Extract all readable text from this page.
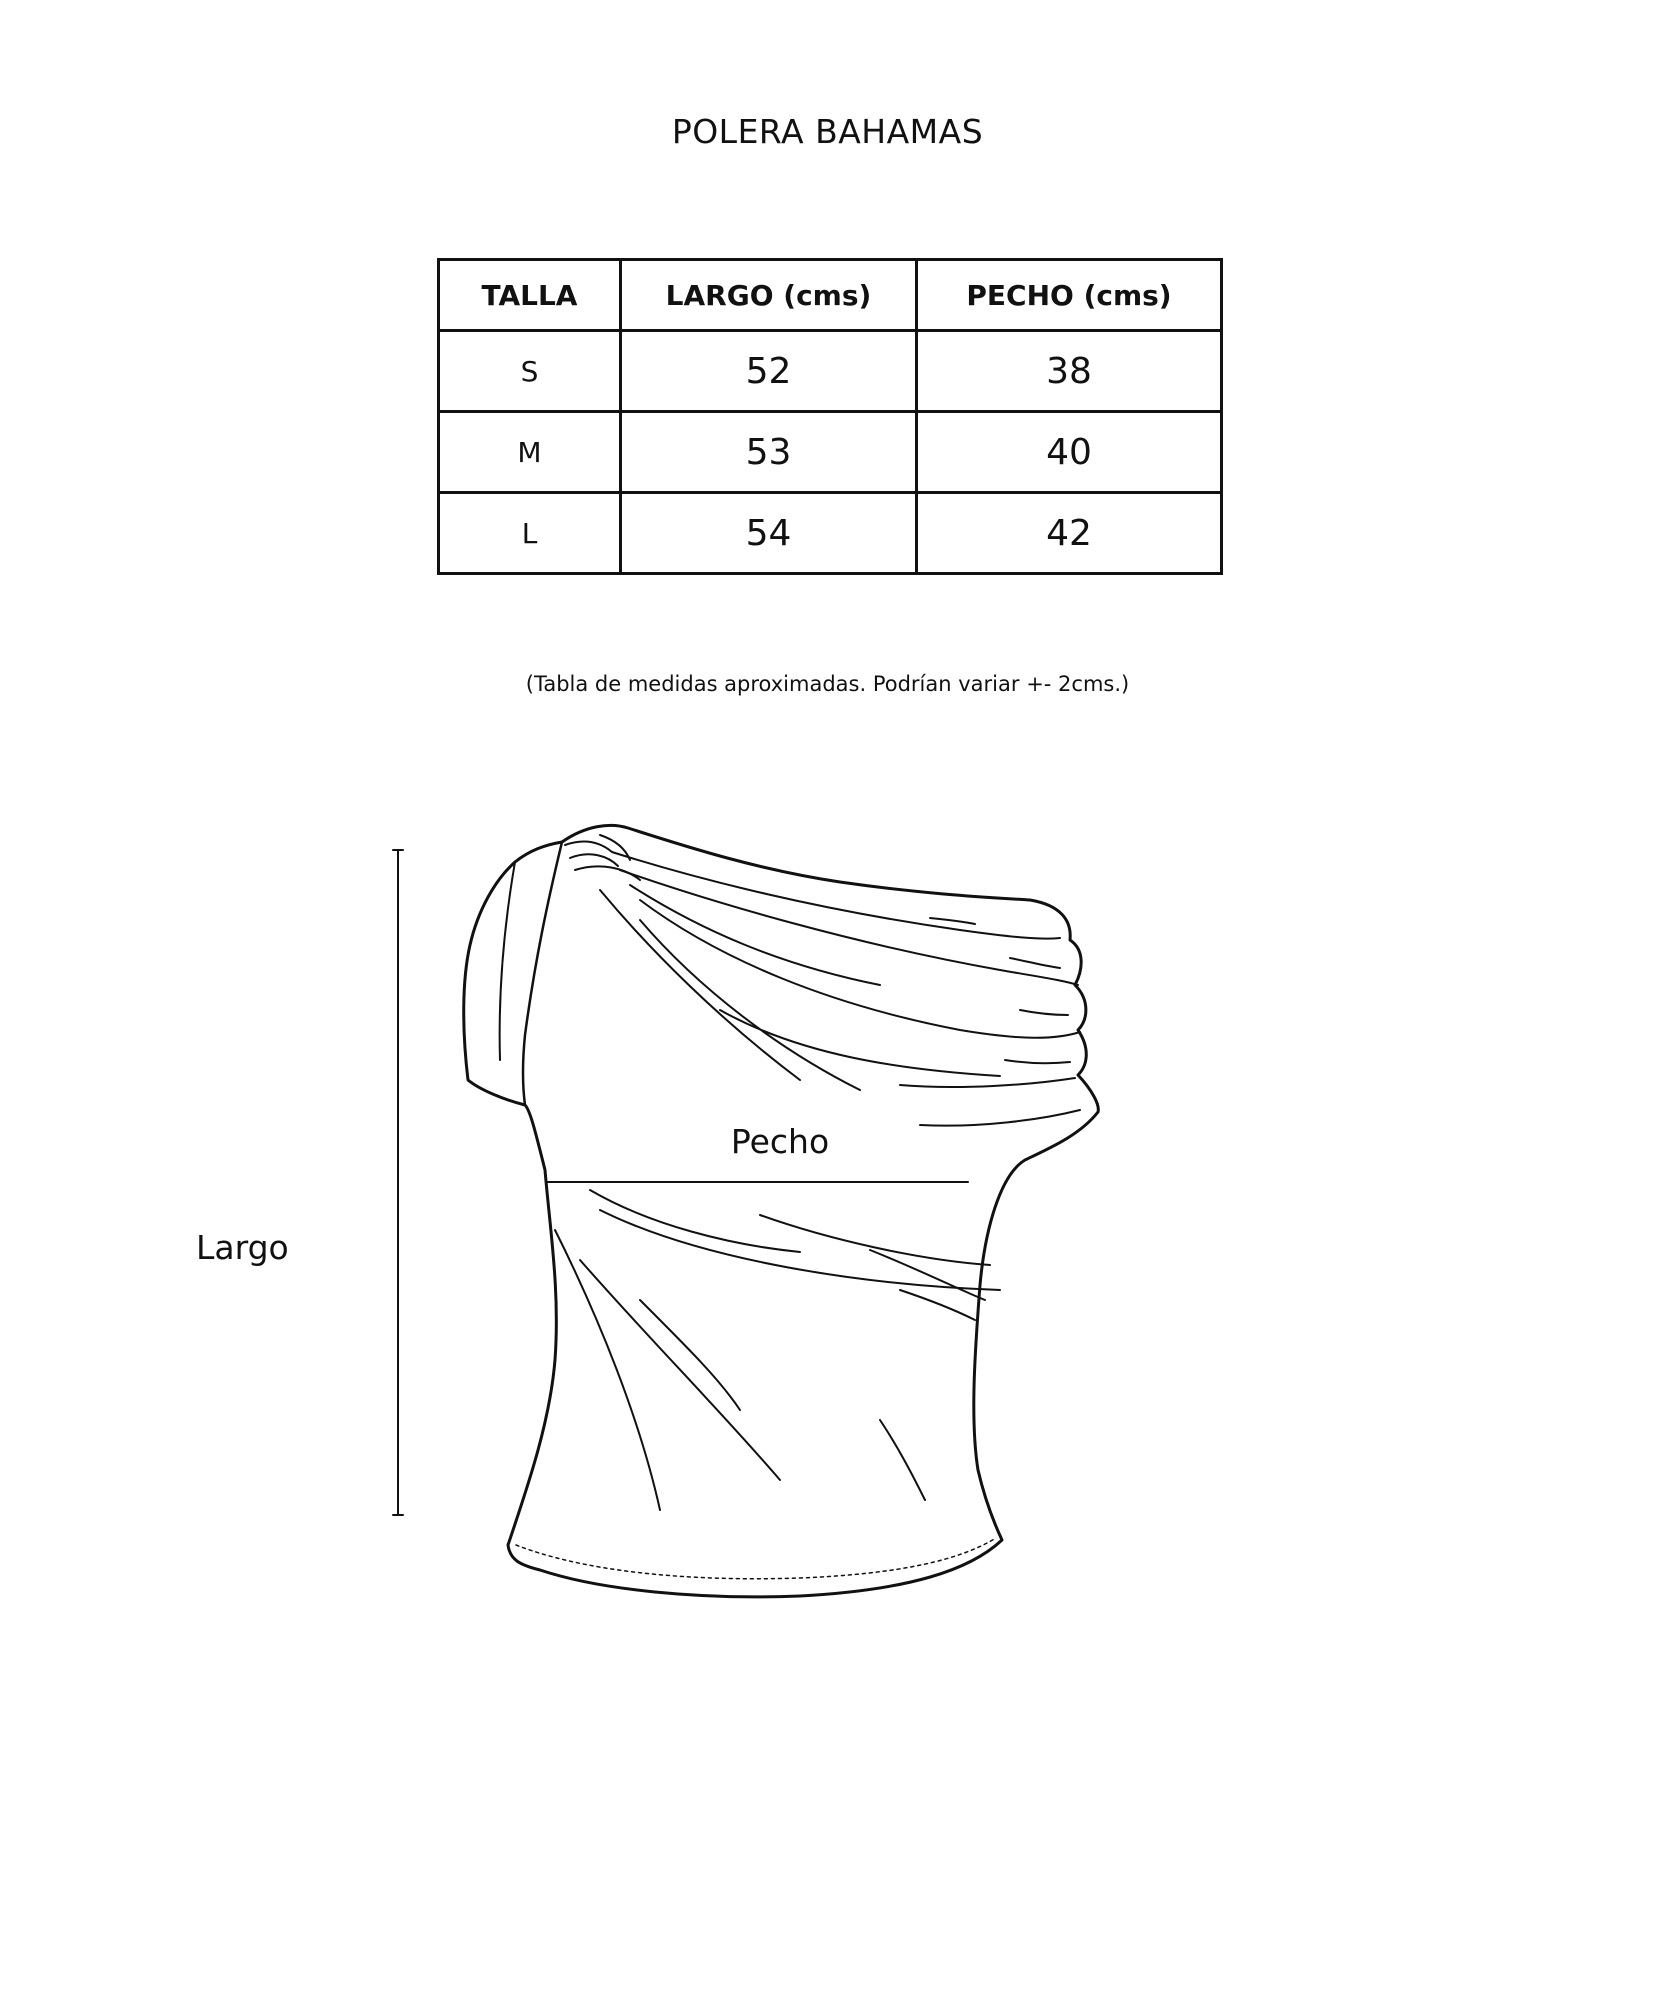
POLERA BAHAMAS
TALLA	LARGO (cms)	PECHO (cms)
S	52	38
M	53	40
L	54	42
(Tabla de medidas aproximadas. Podrían variar +- 2cms.)
Pecho
Largo
